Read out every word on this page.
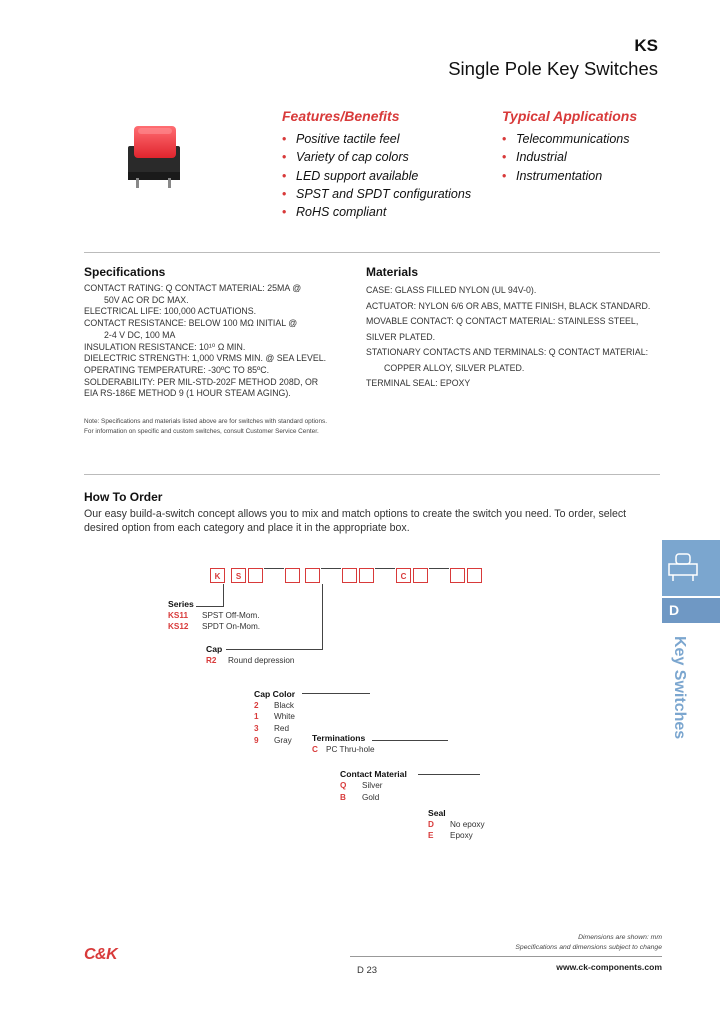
KS
Single Pole Key Switches
Features/Benefits
• Positive tactile feel
• Variety of cap colors
• LED support available
• SPST and SPDT configurations
• RoHS compliant
Typical Applications
• Telecommunications
• Industrial
• Instrumentation
Specifications

CONTACT RATING: Q CONTACT MATERIAL: 25MA @

50V AC OR DC MAX.

ELECTRICAL LIFE: 100,000 ACTUATIONS.

CONTACT RESISTANCE: BELOW 100 MΩ INITIAL @

2-4 V DC, 100 MA

INSULATION RESISTANCE: 10¹⁰ Ω MIN.

DIELECTRIC STRENGTH: 1,000 VRMS MIN. @ SEA LEVEL.

OPERATING TEMPERATURE: -30ºC TO 85ºC.

SOLDERABILITY: PER MIL-STD-202F METHOD 208D, OR

EIA RS-186E METHOD 9 (1 HOUR STEAM AGING).

Note: Specifications and materials listed above are for switches with standard options.

For information on specific and custom switches, consult Customer Service Center.

Materials

CASE: GLASS FILLED NYLON (UL 94V-0).

ACTUATOR: NYLON 6/6 OR ABS, MATTE FINISH, BLACK STANDARD.

MOVABLE CONTACT: Q CONTACT MATERIAL: STAINLESS STEEL, SILVER PLATED.

STATIONARY CONTACTS AND TERMINALS: Q CONTACT MATERIAL:

COPPER ALLOY, SILVER PLATED.

TERMINAL SEAL: EPOXY

How To Order

Our easy build-a-switch concept allows you to mix and match options to create the switch you need. To order, select

desired option from each category and place it in the appropriate box.

K	S	C
Series
KS11 SPST Off-Mom.
KS12 SPDT On-Mom.
Cap
R2 Round depression
Cap Color
2 Black
1 White
3 Red
9 Gray Terminations
C PC Thru-hole
Contact Material
Q Silver
B Gold
Seal
D No epoxy
E Epoxy
D
Key Switches
C&K
D 23
Dimensions are shown: mm
Specifications and dimensions subject to change
www.ck-components.com
